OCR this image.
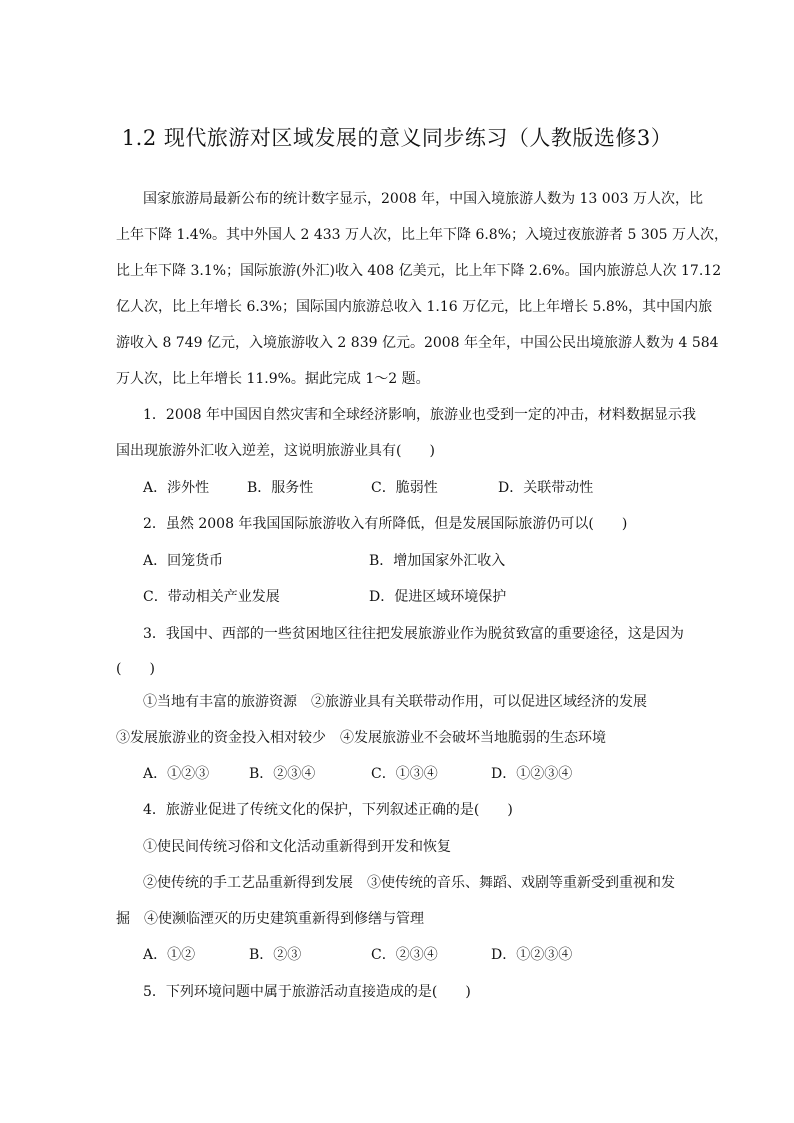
1.2 现代旅游对区域发展的意义同步练习（人教版选修3）
国家旅游局最新公布的统计数字显示，2008 年，中国入境旅游人数为 13 003 万人次，比
上年下降 1.4%。其中外国人 2 433 万人次，比上年下降 6.8%；入境过夜旅游者 5 305 万人次，
比上年下降 3.1%；国际旅游(外汇)收入 408 亿美元，比上年下降 2.6%。国内旅游总人次 17.12
亿人次，比上年增长 6.3%；国际国内旅游总收入 1.16 万亿元，比上年增长 5.8%，其中国内旅
游收入 8 749 亿元，入境旅游收入 2 839 亿元。2008 年全年，中国公民出境旅游人数为 4 584
万人次，比上年增长 11.9%。据此完成 1～2 题。
1．2008 年中国因自然灾害和全球经济影响，旅游业也受到一定的冲击，材料数据显示我
国出现旅游外汇收入逆差，这说明旅游业具有(　　)
A．涉外性	B．服务性	C．脆弱性	D．关联带动性
2．虽然 2008 年我国国际旅游收入有所降低，但是发展国际旅游仍可以(　　)
A．回笼货币	B．增加国家外汇收入
C．带动相关产业发展	D．促进区域环境保护
3．我国中、西部的一些贫困地区往往把发展旅游业作为脱贫致富的重要途径，这是因为
(　　)
①当地有丰富的旅游资源　②旅游业具有关联带动作用，可以促进区域经济的发展
③发展旅游业的资金投入相对较少　④发展旅游业不会破坏当地脆弱的生态环境
A．①②③	B．②③④	C．①③④	D．①②③④
4．旅游业促进了传统文化的保护，下列叙述正确的是(　　)
①使民间传统习俗和文化活动重新得到开发和恢复
②使传统的手工艺品重新得到发展　③使传统的音乐、舞蹈、戏剧等重新受到重视和发
掘　④使濒临湮灭的历史建筑重新得到修缮与管理
A．①②	B．②③	C．②③④	D．①②③④
5．下列环境问题中属于旅游活动直接造成的是(　　)
